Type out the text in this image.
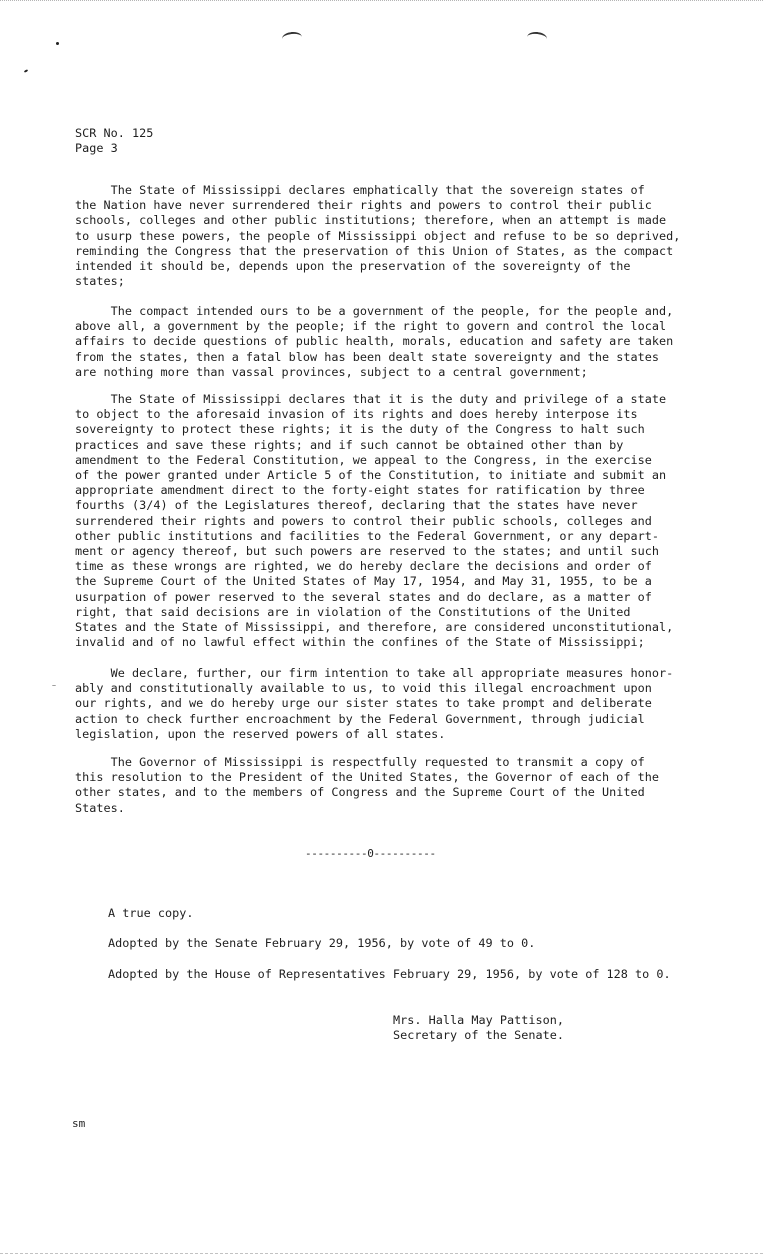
SCR No. 125
Page 3

The State of Mississippi declares emphatically that the sovereign states of
the Nation have never surrendered their rights and powers to control their public
schools, colleges and other public institutions; therefore, when an attempt is made
to usurp these powers, the people of Mississippi object and refuse to be so deprived,
reminding the Congress that the preservation of this Union of States, as the compact
intended it should be, depends upon the preservation of the sovereignty of the
states;

The compact intended ours to be a government of the people, for the people and,
above all, a government by the people; if the right to govern and control the local
affairs to decide questions of public health, morals, education and safety are taken
from the states, then a fatal blow has been dealt state sovereignty and the states
are nothing more than vassal provinces, subject to a central government;

The State of Mississippi declares that it is the duty and privilege of a state
to object to the aforesaid invasion of its rights and does hereby interpose its
sovereignty to protect these rights; it is the duty of the Congress to halt such
practices and save these rights; and if such cannot be obtained other than by
amendment to the Federal Constitution, we appeal to the Congress, in the exercise
of the power granted under Article 5 of the Constitution, to initiate and submit an
appropriate amendment direct to the forty-eight states for ratification by three
fourths (3/4) of the Legislatures thereof, declaring that the states have never
surrendered their rights and powers to control their public schools, colleges and
other public institutions and facilities to the Federal Government, or any depart-
ment or agency thereof, but such powers are reserved to the states; and until such
time as these wrongs are righted, we do hereby declare the decisions and order of
the Supreme Court of the United States of May 17, 1954, and May 31, 1955, to be a
usurpation of power reserved to the several states and do declare, as a matter of
right, that said decisions are in violation of the Constitutions of the United
States and the State of Mississippi, and therefore, are considered unconstitutional,
invalid and of no lawful effect within the confines of the State of Mississippi;

We declare, further, our firm intention to take all appropriate measures honor-
ably and constitutionally available to us, to void this illegal encroachment upon
our rights, and we do hereby urge our sister states to take prompt and deliberate
action to check further encroachment by the Federal Government, through judicial
legislation, upon the reserved powers of all states.

The Governor of Mississippi is respectfully requested to transmit a copy of
this resolution to the President of the United States, the Governor of each of the
other states, and to the members of Congress and the Supreme Court of the United
States.

----------0----------

A true copy.

Adopted by the Senate February 29, 1956, by vote of 49 to 0.

Adopted by the House of Representatives February 29, 1956, by vote of 128 to 0.

Mrs. Halla May Pattison,
Secretary of the Senate.

sm
